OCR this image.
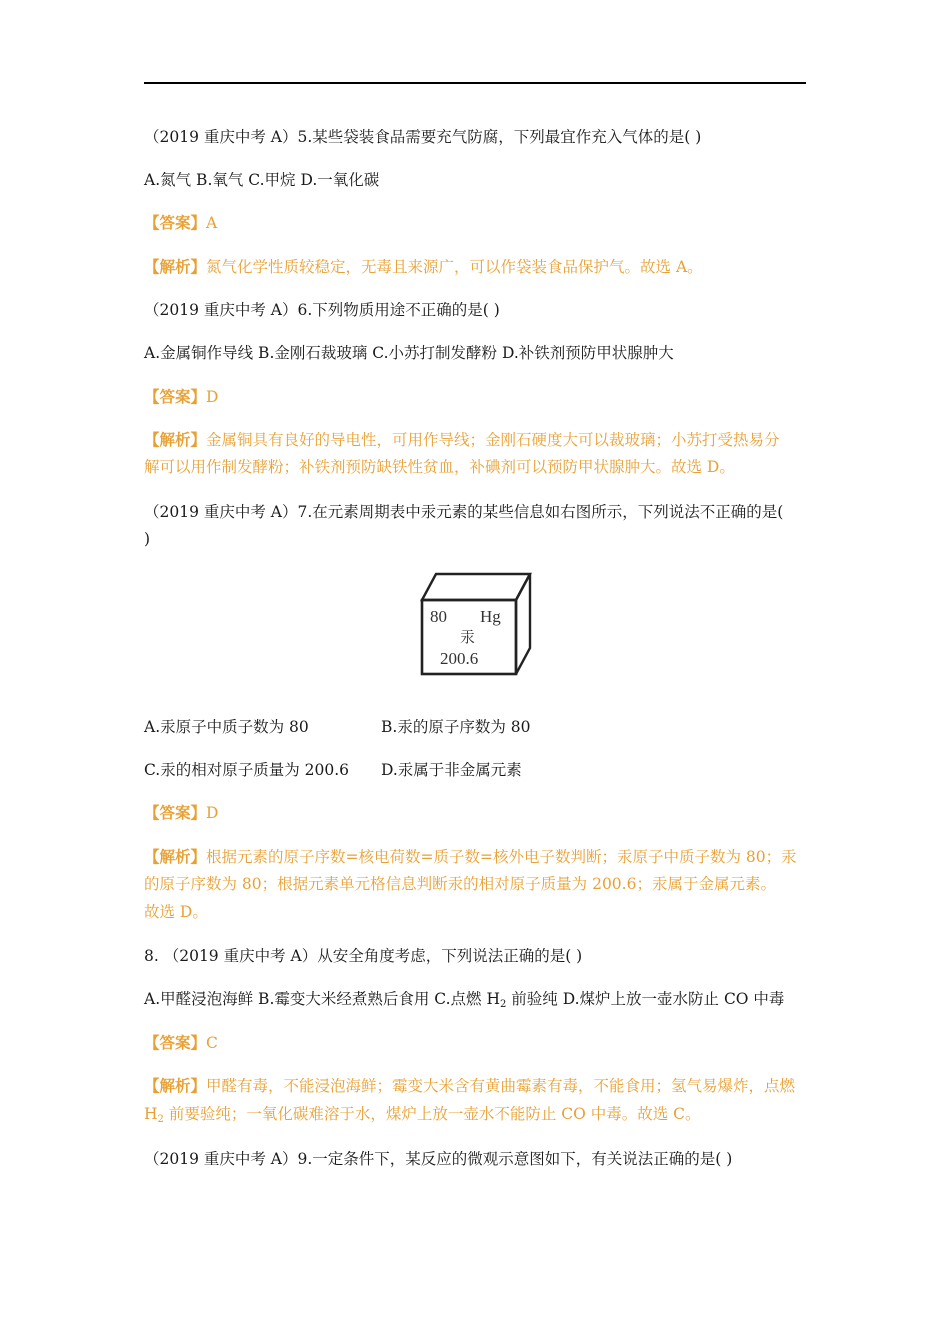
（2019 重庆中考 A）5.某些袋装食品需要充气防腐，下列最宜作充入气体的是( )
A.氮气 B.氧气 C.甲烷 D.一氧化碳
【答案】A
【解析】氮气化学性质较稳定，无毒且来源广，可以作袋装食品保护气。故选 A。
（2019 重庆中考 A）6.下列物质用途不正确的是( )
A.金属铜作导线 B.金刚石裁玻璃 C.小苏打制发酵粉 D.补铁剂预防甲状腺肿大
【答案】D
【解析】金属铜具有良好的导电性，可用作导线；金刚石硬度大可以裁玻璃；小苏打受热易分
解可以用作制发酵粉；补铁剂预防缺铁性贫血，补碘剂可以预防甲状腺肿大。故选 D。
（2019 重庆中考 A）7.在元素周期表中汞元素的某些信息如右图所示，下列说法不正确的是(
)
80 Hg
汞
200.6
A.汞原子中质子数为 80	B.汞的原子序数为 80
C.汞的相对原子质量为 200.6 D.汞属于非金属元素
【答案】D
【解析】根据元素的原子序数=核电荷数=质子数=核外电子数判断；汞原子中质子数为 80；汞
的原子序数为 80；根据元素单元格信息判断汞的相对原子质量为 200.6；汞属于金属元素。
故选 D。
8. （2019 重庆中考 A）从安全角度考虑，下列说法正确的是( )
A.甲醛浸泡海鲜 B.霉变大米经煮熟后食用 C.点燃 $H_2$ 前验纯 D.煤炉上放一壶水防止 CO 中毒
【答案】C
【解析】甲醛有毒，不能浸泡海鲜；霉变大米含有黄曲霉素有毒，不能食用；氢气易爆炸，点燃
$H_2$ 前要验纯；一氧化碳难溶于水，煤炉上放一壶水不能防止 CO 中毒。故选 C。
（2019 重庆中考 A）9.一定条件下，某反应的微观示意图如下，有关说法正确的是( )
